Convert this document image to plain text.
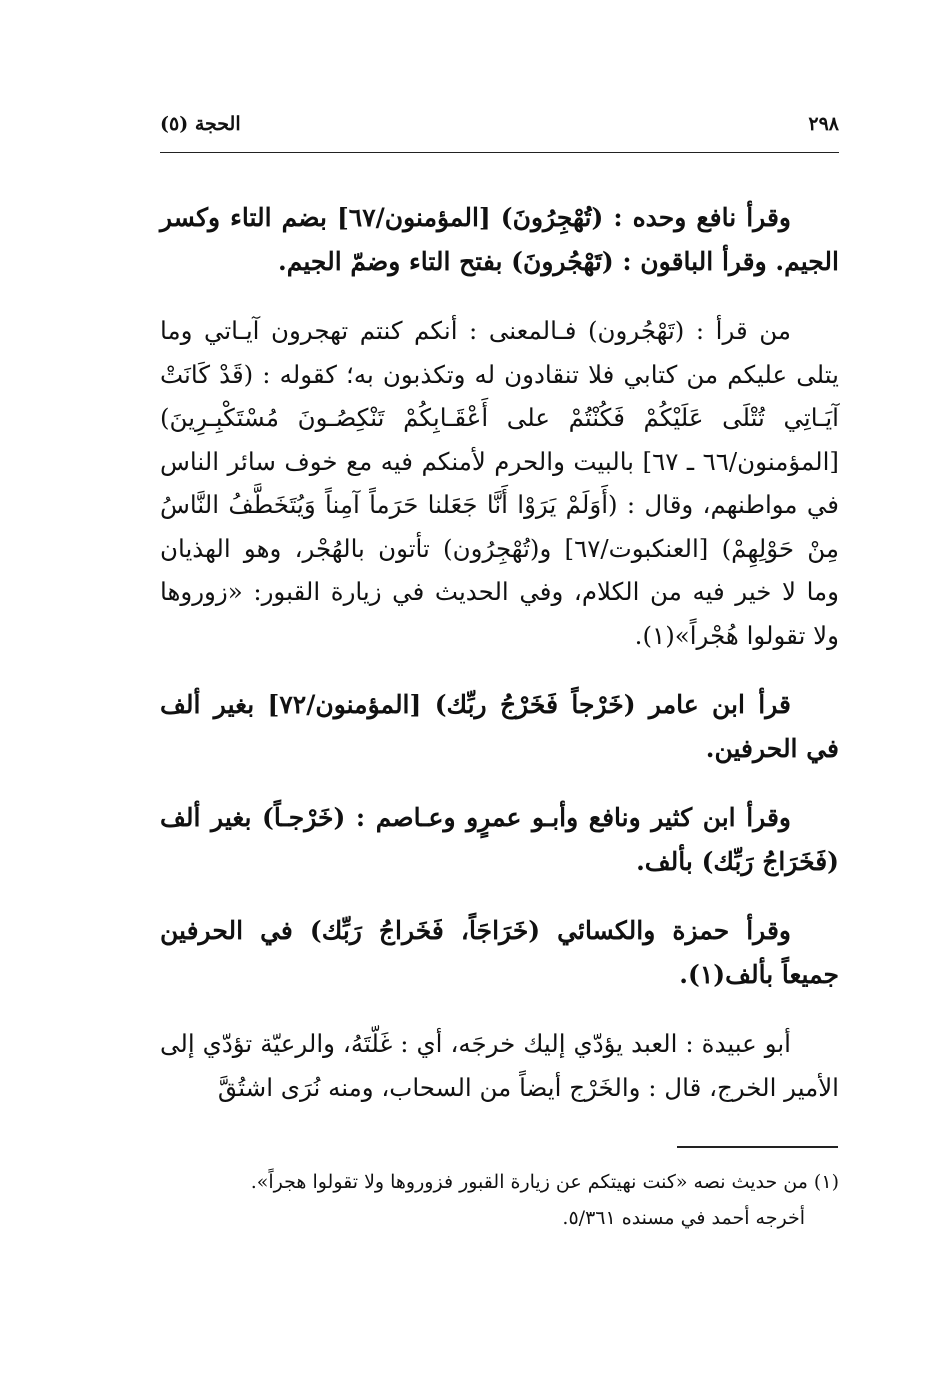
٢٩٨
الحجة (٥)

وقرأ نافع وحده : (تُهْجِرُونَ) [المؤمنون/٦٧] بضم التاء وكسر الجيم. وقرأ الباقون : (تَهْجُرونَ) بفتح التاء وضمّ الجيم.

من قرأ : (تَهْجُرون) فـالمعنى : أنكم كنتم تهجرون آيـاتي وما يتلى عليكم من كتابي فلا تنقادون له وتكذبون به؛ كقوله : (قَدْ كَانَتْ آيَـاتِي تُتْلَى عَلَيْكُمْ فَكُنْتُمْ على أَعْقَـابِكُمْ تَنْكِصُـونَ مُسْتَكْبِـرِينَ) [المؤمنون/٦٦ ـ ٦٧] بالبيت والحرم لأمنكم فيه مع خوف سائر الناس في مواطنهم، وقال : (أَوَلَمْ يَرَوْا أَنَّا جَعَلنا حَرَماً آمِناً وَيُتَخَطَّفُ النَّاسُ مِنْ حَوْلِهِمْ) [العنكبوت/٦٧] و(تُهْجِرُون) تأتون بالهُجْر، وهو الهذيان وما لا خير فيه من الكلام، وفي الحديث في زيارة القبور: «زوروها ولا تقولوا هُجْراً»(١).

قرأ ابن عامر (خَرْجاً فَخَرْجُ ربِّك) [المؤمنون/٧٢] بغير ألف في الحرفين.

وقرأ ابن كثير ونافع وأبـو عمرٍو وعـاصم : (خَرْجـاً) بغير ألف (فَخَرَاجُ رَبِّك) بألف.

وقرأ حمزة والكسائي (خَرَاجَاً، فَخَراجُ رَبِّك) في الحرفين جميعاً بألف(١).

أبو عبيدة : العبد يؤدّي إليك خرجَه، أي : غَلّتَهُ، والرعيّة تؤدّي إلى الأمير الخرج، قال : والخَرْج أيضاً من السحاب، ومنه نُرَى اشتُقَّ

(١) من حديث نصه «كنت نهيتكم عن زيارة القبور فزوروها ولا تقولوا هجراً».
أخرجه أحمد في مسنده ٥/٣٦١.
